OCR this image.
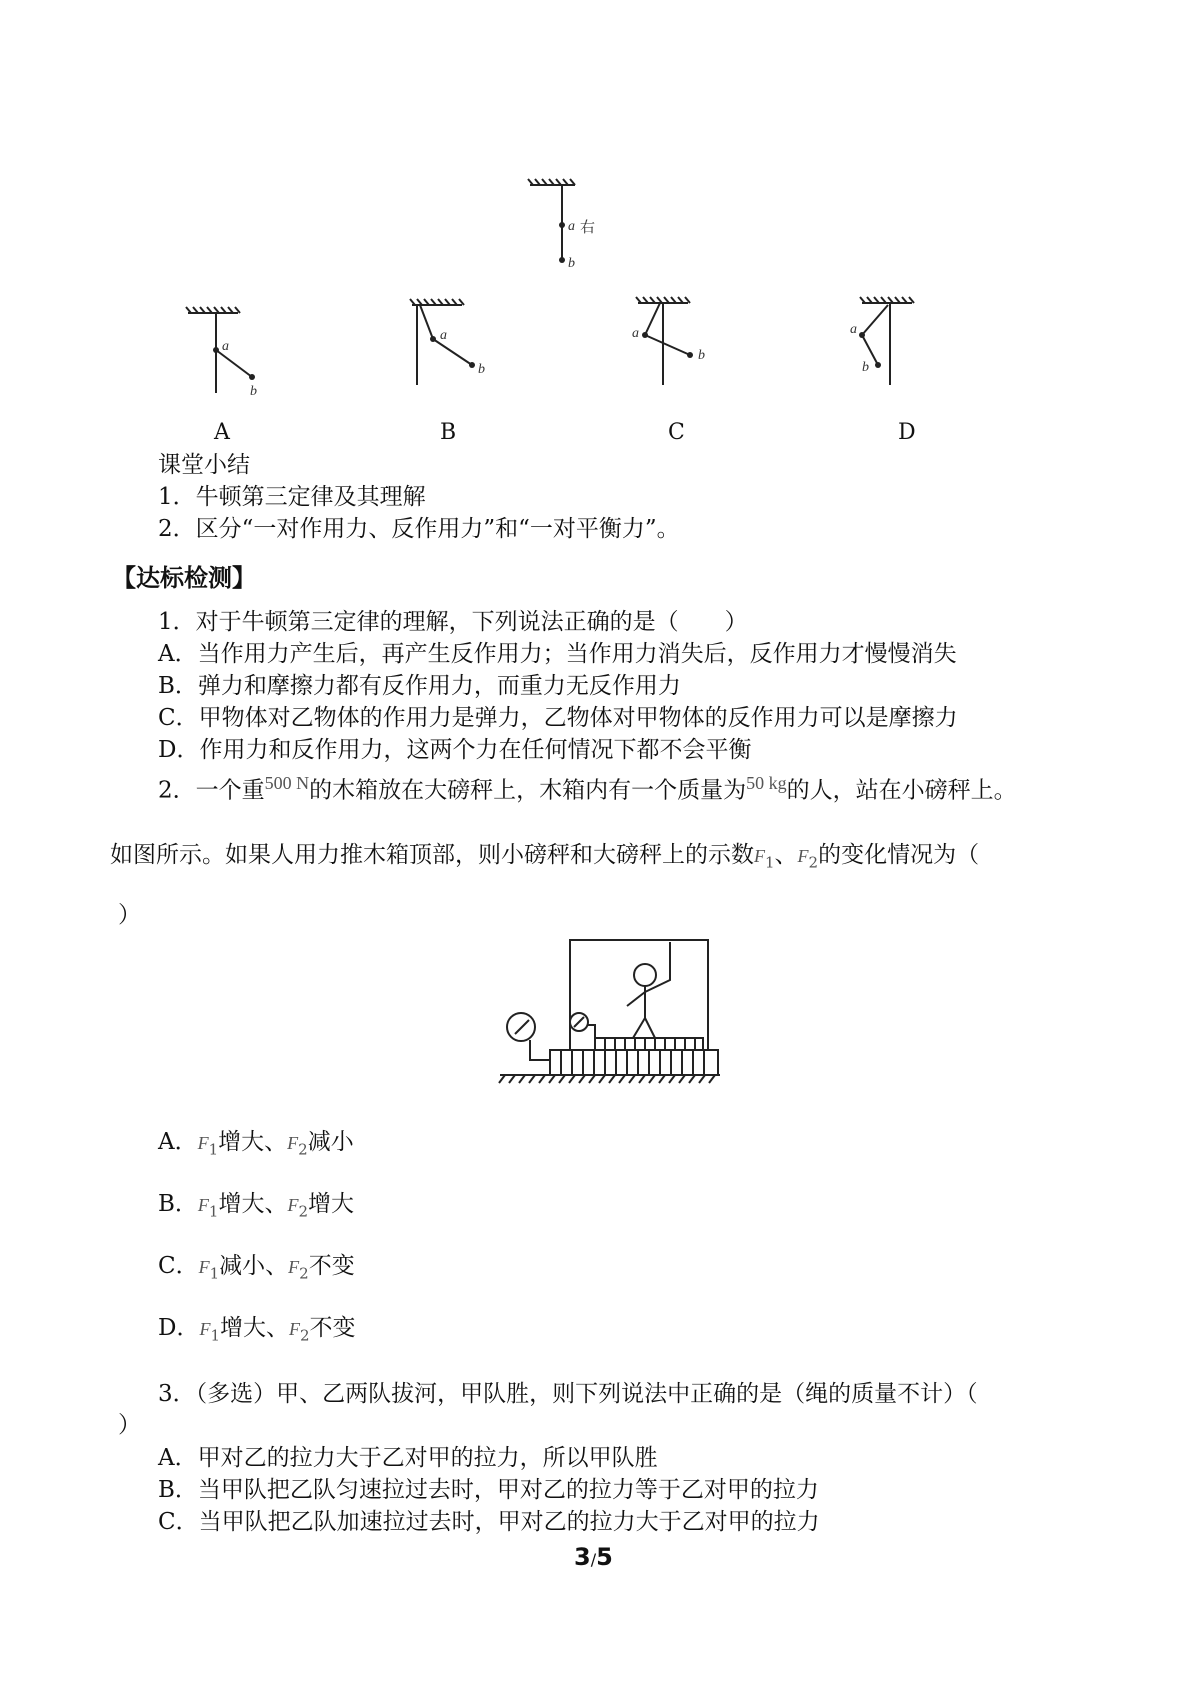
a
b
a
b
a
b
a
b
a
b
右
A	B	C	D
课堂小结
1．牛顿第三定律及其理解
2．区分“一对作用力、反作用力”和“一对平衡力”。
【达标检测】
1．对于牛顿第三定律的理解，下列说法正确的是（　　）
A．当作用力产生后，再产生反作用力；当作用力消失后，反作用力才慢慢消失
B．弹力和摩擦力都有反作用力，而重力无反作用力
C．甲物体对乙物体的作用力是弹力，乙物体对甲物体的反作用力可以是摩擦力
D．作用力和反作用力，这两个力在任何情况下都不会平衡
2．一个重$^{500 N}$的木箱放在大磅秤上，木箱内有一个质量为$^{50 kg}$的人，站在小磅秤上。
如图所示。如果人用力推木箱顶部，则小磅秤和大磅秤上的示数$F_1$、$F_2$的变化情况为（
）
A．$F_1$增大、$F_2$减小
B．$F_1$增大、$F_2$增大
C．$F_1$减小、$F_2$不变
D．$F_1$增大、$F_2$不变
3．（多选）甲、乙两队拔河，甲队胜，则下列说法中正确的是（绳的质量不计）（
）
A．甲对乙的拉力大于乙对甲的拉力，所以甲队胜
B．当甲队把乙队匀速拉过去时，甲对乙的拉力等于乙对甲的拉力
C．当甲队把乙队加速拉过去时，甲对乙的拉力大于乙对甲的拉力
3/5
